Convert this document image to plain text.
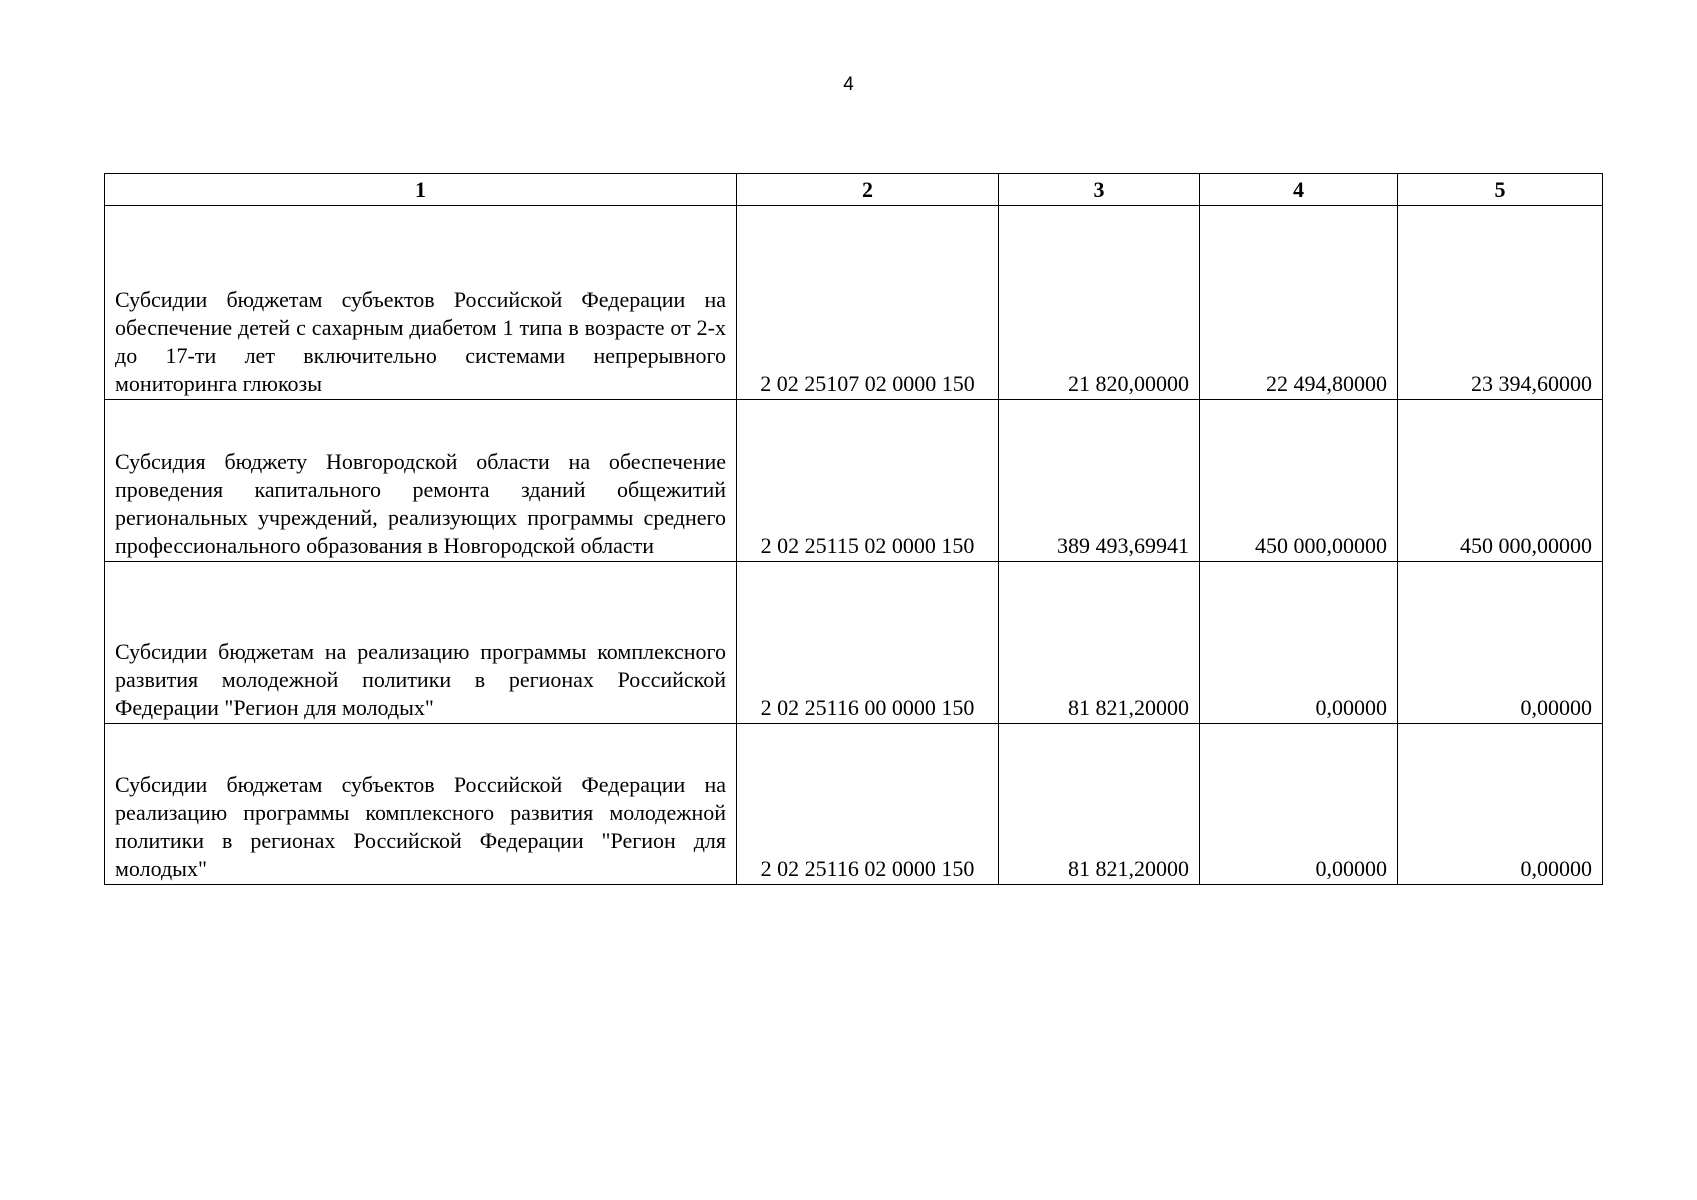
4
1	2	3	4	5
Субсидии бюджетам субъектов Российской Федерации на обеспечение детей с сахарным диабетом 1 типа в возрасте от 2-х до 17-ти лет включительно системами непрерывного мониторинга глюкозы	2 02 25107 02 0000 150	21 820,00000	22 494,80000	23 394,60000
Субсидия бюджету Новгородской области на обеспечение проведения капитального ремонта зданий общежитий региональных учреждений, реализующих программы среднего профессионального образования в Новгородской области	2 02 25115 02 0000 150	389 493,69941	450 000,00000	450 000,00000
Субсидии бюджетам на реализацию программы комплексного развития молодежной политики в регионах Российской Федерации "Регион для молодых"	2 02 25116 00 0000 150	81 821,20000	0,00000	0,00000
Субсидии бюджетам субъектов Российской Федерации на реализацию программы комплексного развития молодежной политики в регионах Российской Федерации "Регион для молодых"	2 02 25116 02 0000 150	81 821,20000	0,00000	0,00000
